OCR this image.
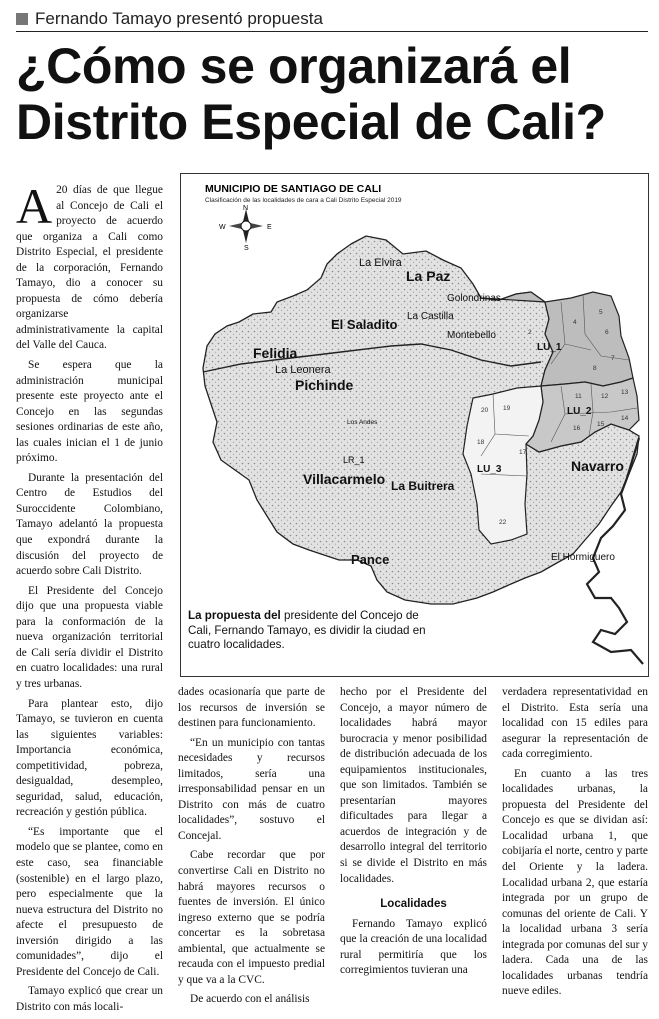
Fernando Tamayo presentó propuesta
¿Cómo se organizará el Distrito Especial de Cali?

A 20 días de que llegue al Concejo de Cali el proyecto de acuerdo que organiza a Cali como Distrito Especial, el presidente de la corporación, Fernando Tamayo, dio a conocer su propuesta de cómo debería organizarse administrativamente la capital del Valle del Cauca.

Se espera que la administración municipal presente este proyecto ante el Concejo en las segundas sesiones ordinarias de este año, las cuales inician el 1 de junio próximo.

Durante la presentación del Centro de Estudios del Suroccidente Colombiano, Tamayo adelantó la propuesta que expondrá durante la discusión del proyecto de acuerdo sobre Cali Distrito.

El Presidente del Concejo dijo que una propuesta viable para la conformación de la nueva organización territorial de Cali sería dividir el Distrito en cuatro localidades: una rural y tres urbanas.

Para plantear esto, dijo Tamayo, se tuvieron en cuenta las siguientes variables: Importancia económica, competitividad, pobreza, desigualdad, desempleo, seguridad, salud, educación, recreación y gestión pública.

“Es importante que el modelo que se plantee, como en este caso, sea financiable (sostenible) en el largo plazo, pero especialmente que la nueva estructura del Distrito no afecte el presupuesto de inversión dirigido a las comunidades”, dijo el Presidente del Concejo de Cali.

Tamayo explicó que crear un Distrito con más locali-

dades ocasionaría que parte de los recursos de inversión se destinen para funcionamiento.

“En un municipio con tantas necesidades y recursos limitados, sería una irresponsabilidad pensar en un Distrito con más de cuatro localidades”, sostuvo el Concejal.

Cabe recordar que por convertirse Cali en Distrito no habrá mayores recursos o fuentes de inversión. El único ingreso externo que se podría concertar es la sobretasa ambiental, que actualmente se recauda con el impuesto predial y que va a la CVC.

De acuerdo con el análisis

hecho por el Presidente del Concejo, a mayor número de localidades habrá mayor burocracia y menor posibilidad de distribución adecuada de los equipamientos institucionales, que son limitados. También se presentarían mayores dificultades para llegar a acuerdos de integración y de desarrollo integral del territorio si se divide el Distrito en más localidades.

Localidades

Fernando Tamayo explicó que la creación de una localidad rural permitiría que los corregimientos tuvieran una

verdadera representatividad en el Distrito. Esta sería una localidad con 15 ediles para asegurar la representación de cada corregimiento.

En cuanto a las tres localidades urbanas, la propuesta del Presidente del Concejo es que se dividan así: Localidad urbana 1, que cobijaría el norte, centro y parte del Oriente y la ladera. Localidad urbana 2, que estaría integrada por un grupo de comunas del oriente de Cali. Y la localidad urbana 3 sería integrada por comunas del sur y ladera. Cada una de las localidades urbanas tendría nueve ediles.

MUNICIPIO DE SANTIAGO DE CALI
Clasificación de las localidades de cara a Cali Distrito Especial 2019
N
S
E
W
La Elvira
La Paz
Golondrinas
La Castilla
Montebello
El Saladito
Felidia
La Leonera
Pichinde
Los Andes
LR_1
Villacarmelo La Buitrera
Pance
Navarro
El Hormiguero
LU_1
LU_2
LU_3
2
4
5
6
7
8
11	12
13
14
15
16
17
18
19
20
22
La propuesta del presidente del Concejo de Cali, Fernando Tamayo, es dividir la ciudad en cuatro localidades.
